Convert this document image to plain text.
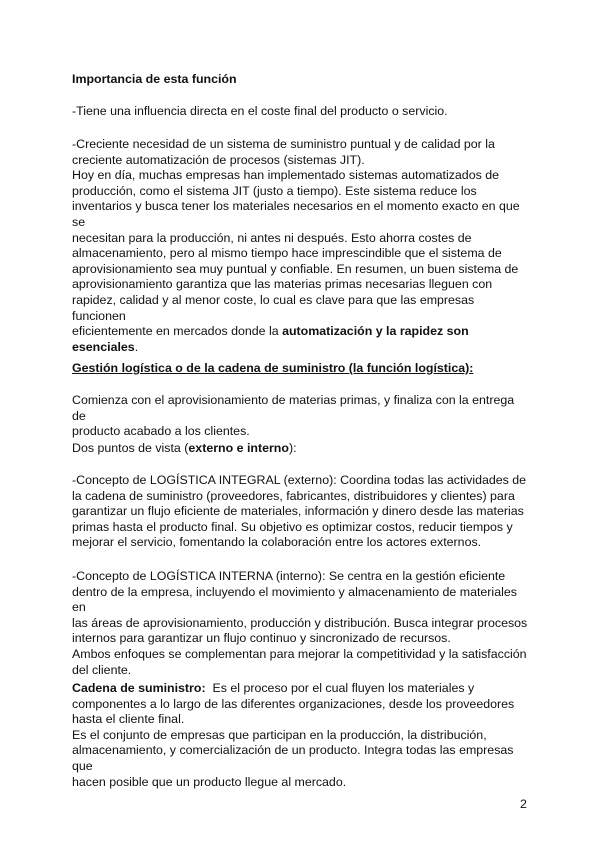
Importancia de esta función
-Tiene una influencia directa en el coste final del producto o servicio.
-Creciente necesidad de un sistema de suministro puntual y de calidad por la
creciente automatización de procesos (sistemas JIT).
Hoy en día, muchas empresas han implementado sistemas automatizados de
producción, como el sistema JIT (justo a tiempo). Este sistema reduce los
inventarios y busca tener los materiales necesarios en el momento exacto en que se
necesitan para la producción, ni antes ni después. Esto ahorra costes de
almacenamiento, pero al mismo tiempo hace imprescindible que el sistema de
aprovisionamiento sea muy puntual y confiable. En resumen, un buen sistema de
aprovisionamiento garantiza que las materias primas necesarias lleguen con
rapidez, calidad y al menor coste, lo cual es clave para que las empresas funcionen
eficientemente en mercados donde la automatización y la rapidez son
esenciales.
Gestión logística o de la cadena de suministro (la función logística):
Comienza con el aprovisionamiento de materias primas, y finaliza con la entrega de
producto acabado a los clientes.
Dos puntos de vista (externo e interno):
-Concepto de LOGÍSTICA INTEGRAL (externo): Coordina todas las actividades de
la cadena de suministro (proveedores, fabricantes, distribuidores y clientes) para
garantizar un flujo eficiente de materiales, información y dinero desde las materias
primas hasta el producto final. Su objetivo es optimizar costos, reducir tiempos y
mejorar el servicio, fomentando la colaboración entre los actores externos.
-Concepto de LOGÍSTICA INTERNA (interno): Se centra en la gestión eficiente
dentro de la empresa, incluyendo el movimiento y almacenamiento de materiales en
las áreas de aprovisionamiento, producción y distribución. Busca integrar procesos
internos para garantizar un flujo continuo y sincronizado de recursos.
Ambos enfoques se complementan para mejorar la competitividad y la satisfacción
del cliente.
Cadena de suministro:  Es el proceso por el cual fluyen los materiales y
componentes a lo largo de las diferentes organizaciones, desde los proveedores
hasta el cliente final.
Es el conjunto de empresas que participan en la producción, la distribución,
almacenamiento, y comercialización de un producto. Integra todas las empresas que
hacen posible que un producto llegue al mercado.
2
